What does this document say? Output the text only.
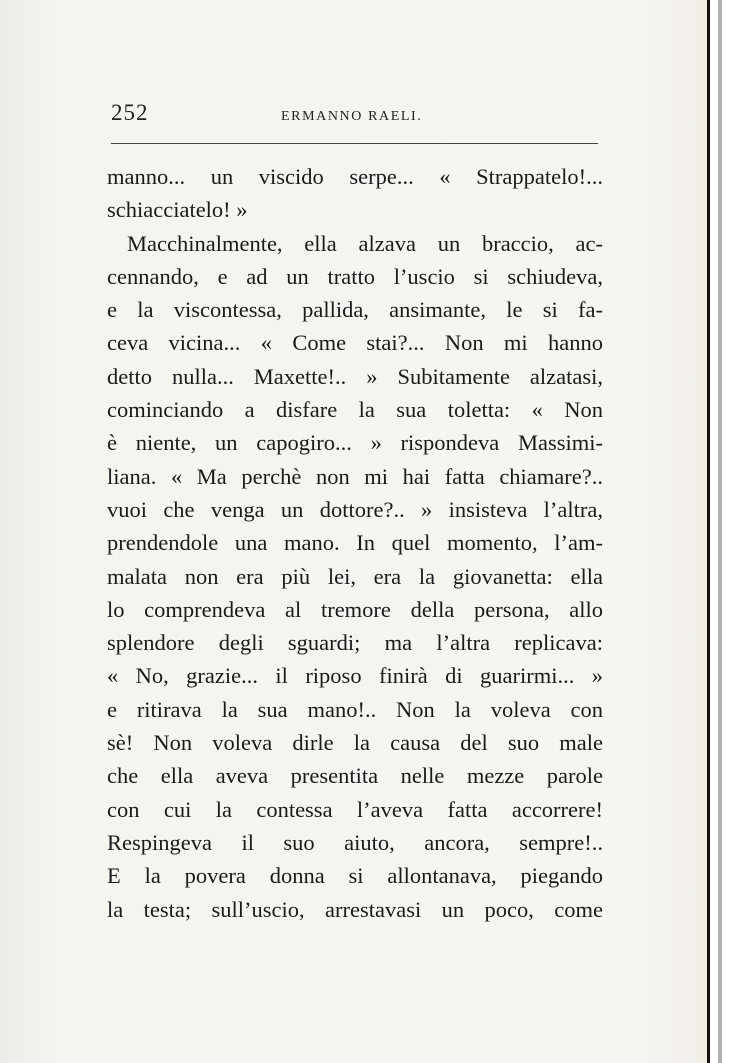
252	ERMANNO RAELI.
manno... un viscido serpe... « Strappatelo!...
schiacciatelo! »
Macchinalmente, ella alzava un braccio, ac-
cennando, e ad un tratto l’uscio si schiudeva,
e la viscontessa, pallida, ansimante, le si fa-
ceva vicina... « Come stai?... Non mi hanno
detto nulla... Maxette!.. » Subitamente alzatasi,
cominciando a disfare la sua toletta: « Non
è niente, un capogiro... » rispondeva Massimi-
liana. « Ma perchè non mi hai fatta chiamare?..
vuoi che venga un dottore?.. » insisteva l’altra,
prendendole una mano. In quel momento, l’am-
malata non era più lei, era la giovanetta: ella
lo comprendeva al tremore della persona, allo
splendore degli sguardi; ma l’altra replicava:
« No, grazie... il riposo finirà di guarirmi... »
e ritirava la sua mano!.. Non la voleva con
sè! Non voleva dirle la causa del suo male
che ella aveva presentita nelle mezze parole
con cui la contessa l’aveva fatta accorrere!
Respingeva il suo aiuto, ancora, sempre!..
E la povera donna si allontanava, piegando
la testa; sull’uscio, arrestavasi un poco, come
